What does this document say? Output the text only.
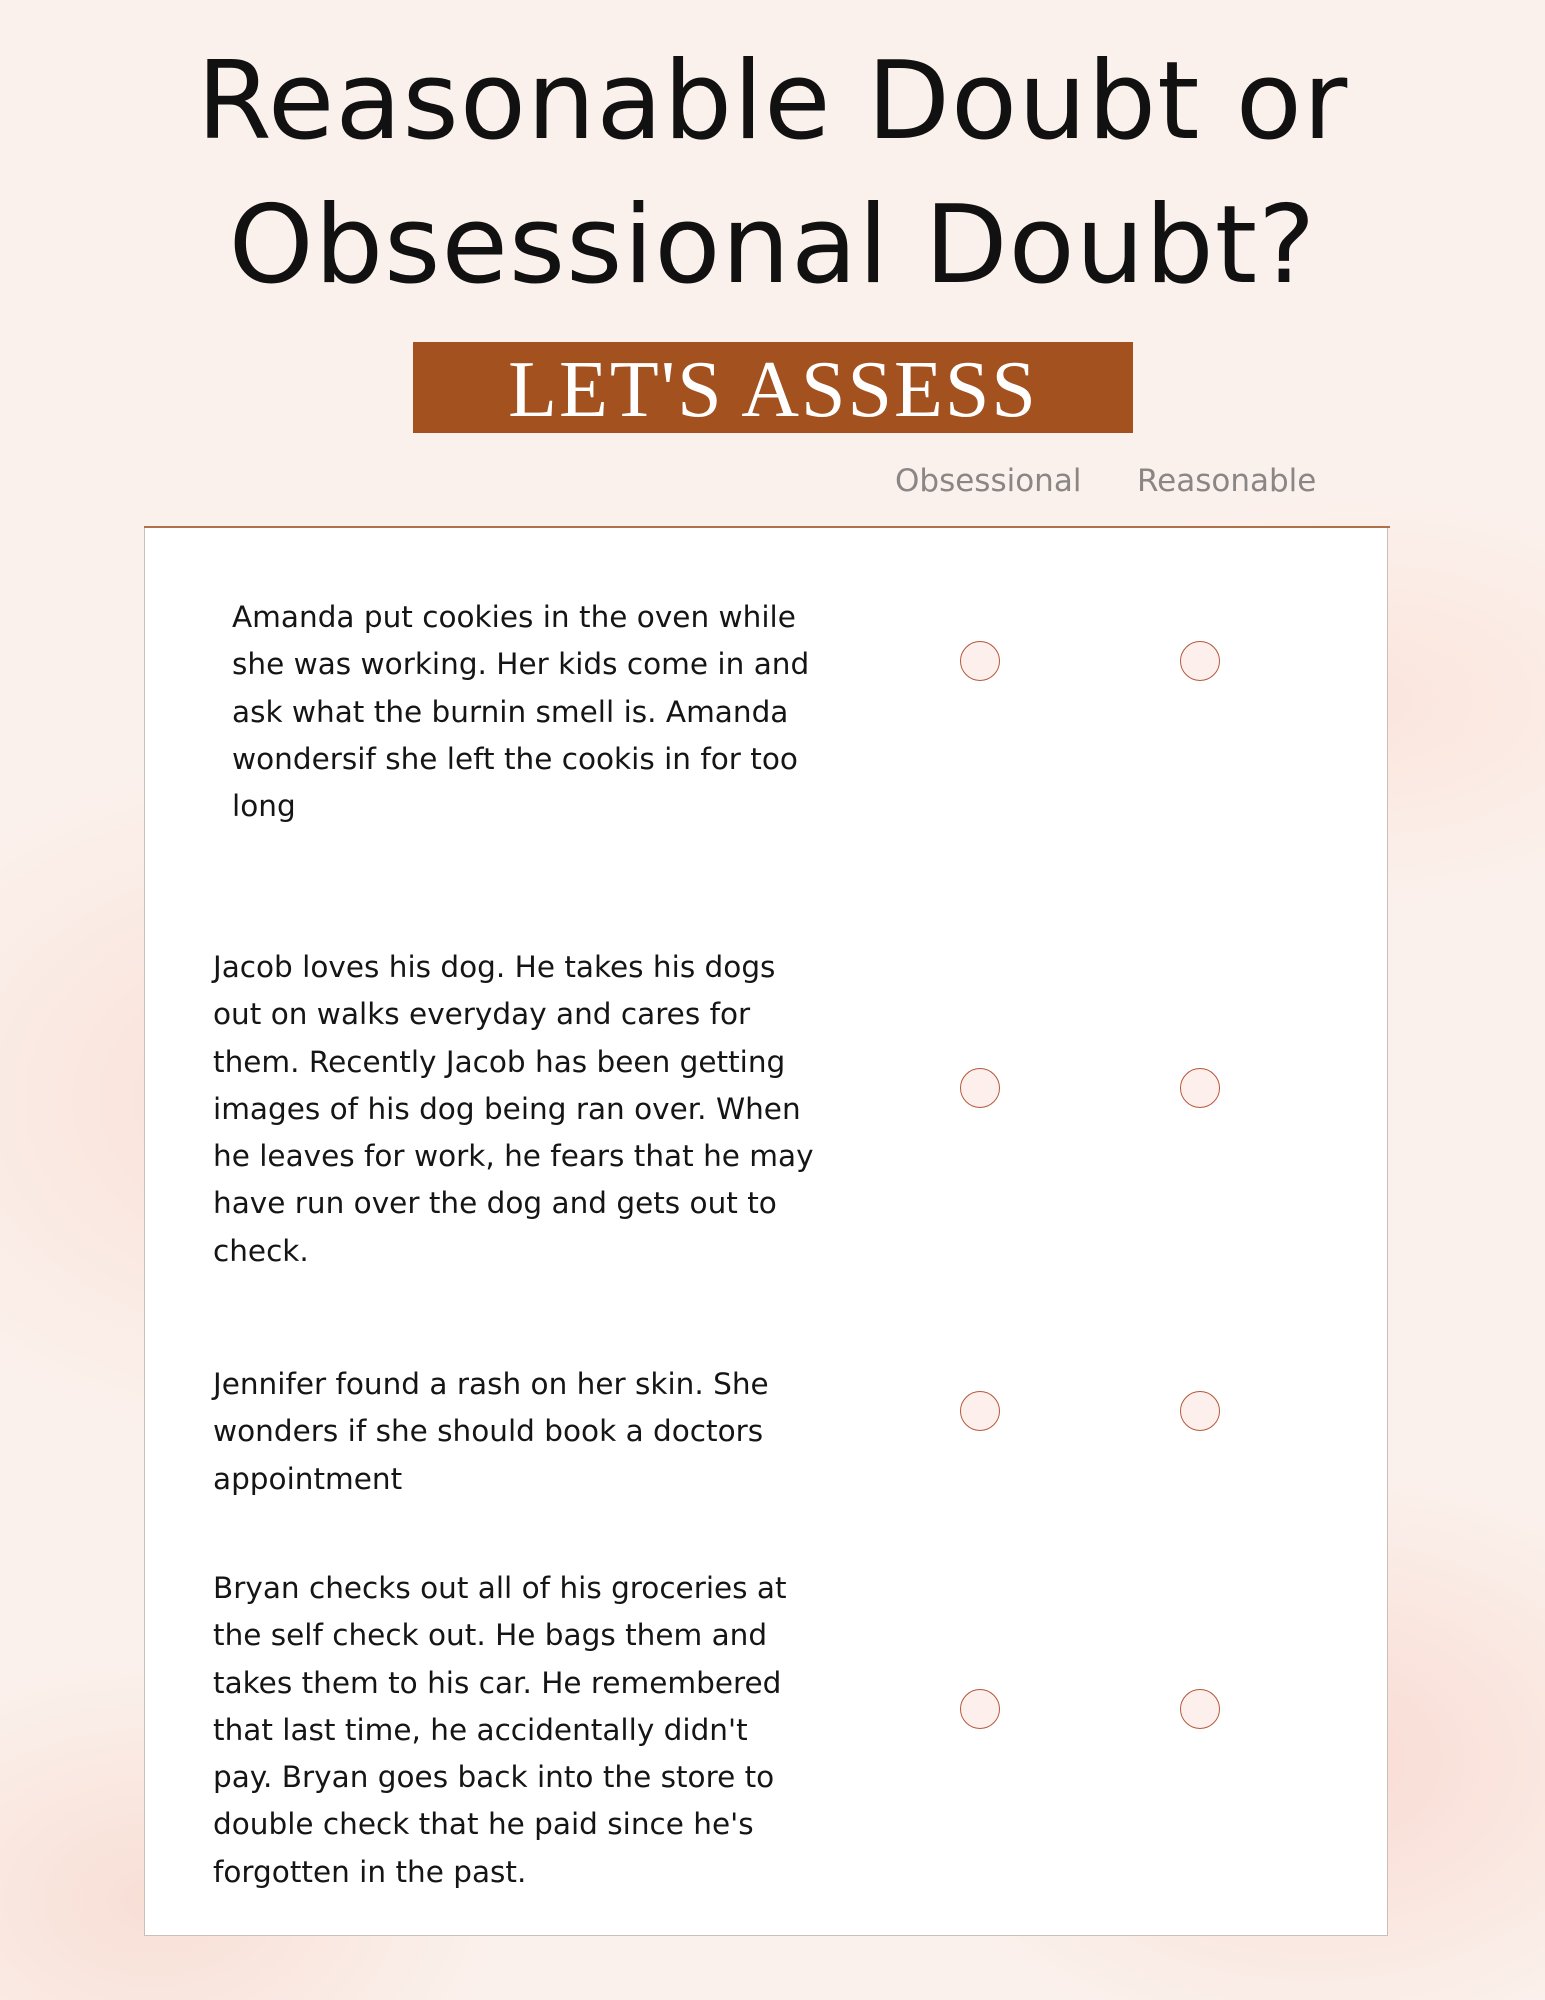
Reasonable Doubt or
Obsessional Doubt?
LET'S ASSESS
Obsessional Reasonable

Amanda put cookies in the oven while
she was working. Her kids come in and
ask what the burnin smell is. Amanda
wondersif she left the cookis in for too
long

Jacob loves his dog. He takes his dogs
out on walks everyday and cares for
them. Recently Jacob has been getting
images of his dog being ran over. When
he leaves for work, he fears that he may
have run over the dog and gets out to
check.

Jennifer found a rash on her skin. She
wonders if she should book a doctors
appointment

Bryan checks out all of his groceries at
the self check out. He bags them and
takes them to his car. He remembered
that last time, he accidentally didn't
pay. Bryan goes back into the store to
double check that he paid since he's
forgotten in the past.
